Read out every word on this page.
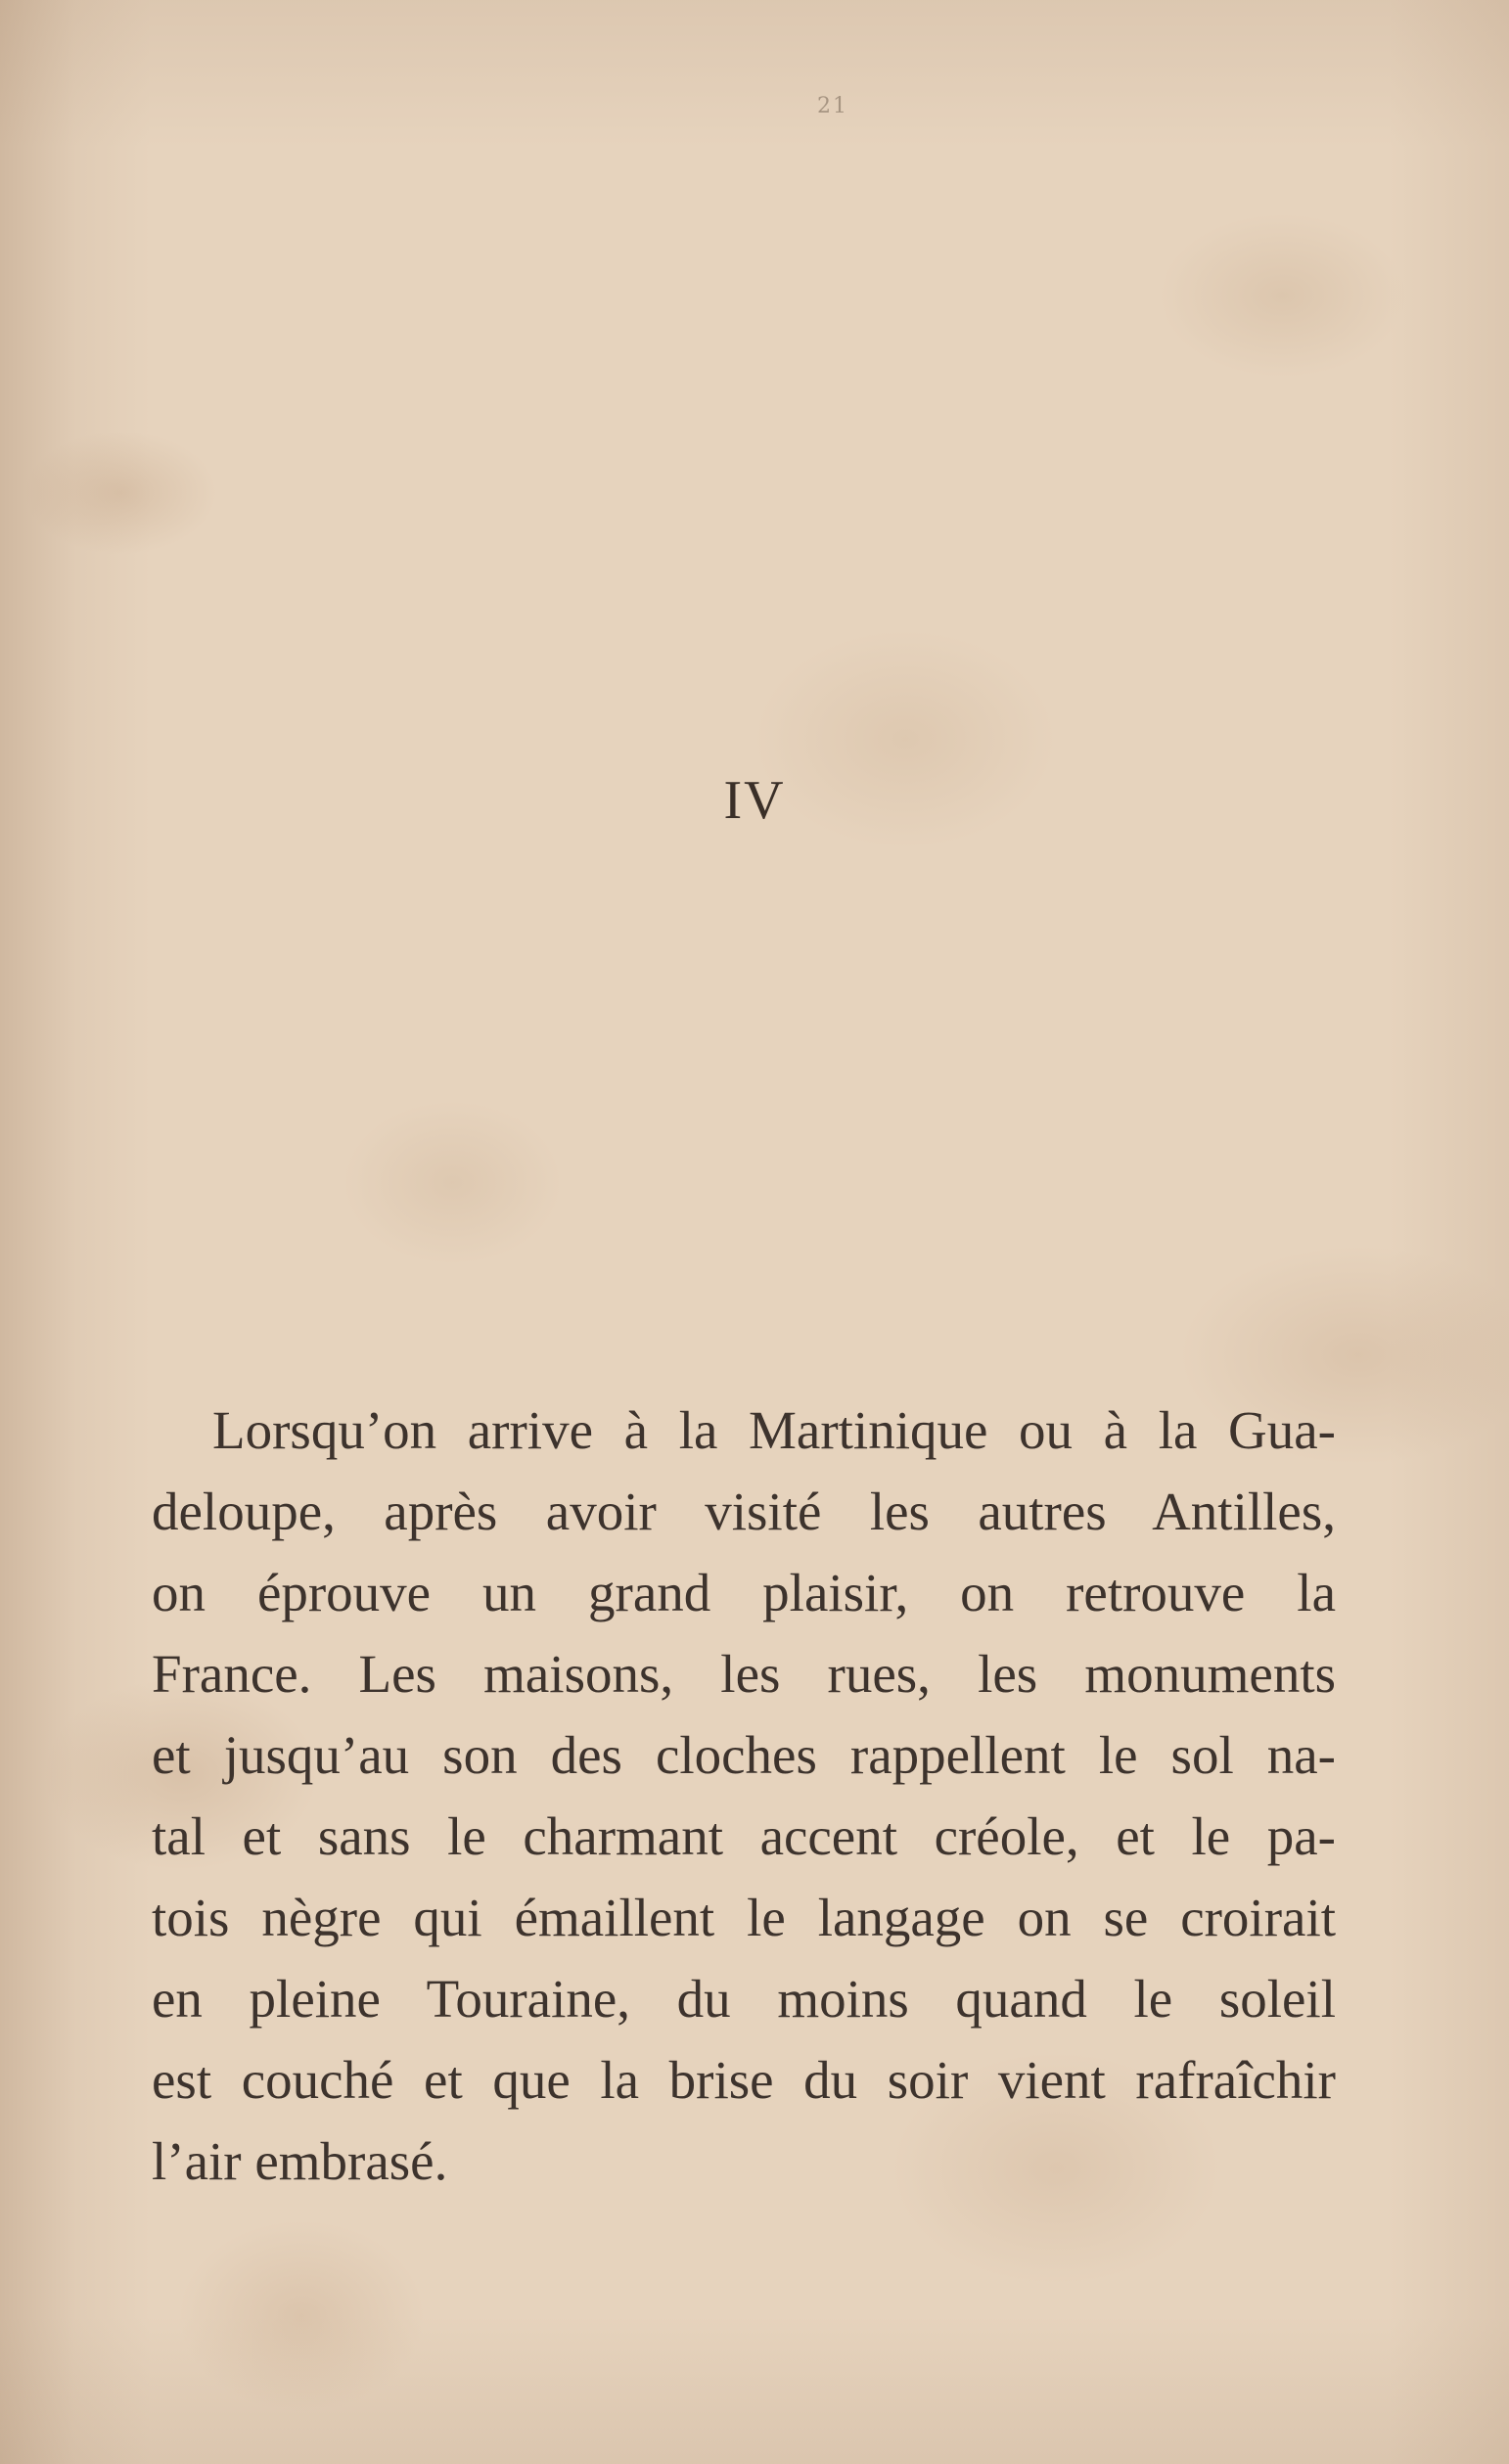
21
IV
Lorsqu’on arrive à la Martinique ou à la Gua-
deloupe, après avoir visité les autres Antilles,
on éprouve un grand plaisir, on retrouve la
France. Les maisons, les rues, les monuments
et jusqu’au son des cloches rappellent le sol na-
tal et sans le charmant accent créole, et le pa-
tois nègre qui émaillent le langage on se croirait
en pleine Touraine, du moins quand le soleil
est couché et que la brise du soir vient rafraîchir
l’air embrasé.
